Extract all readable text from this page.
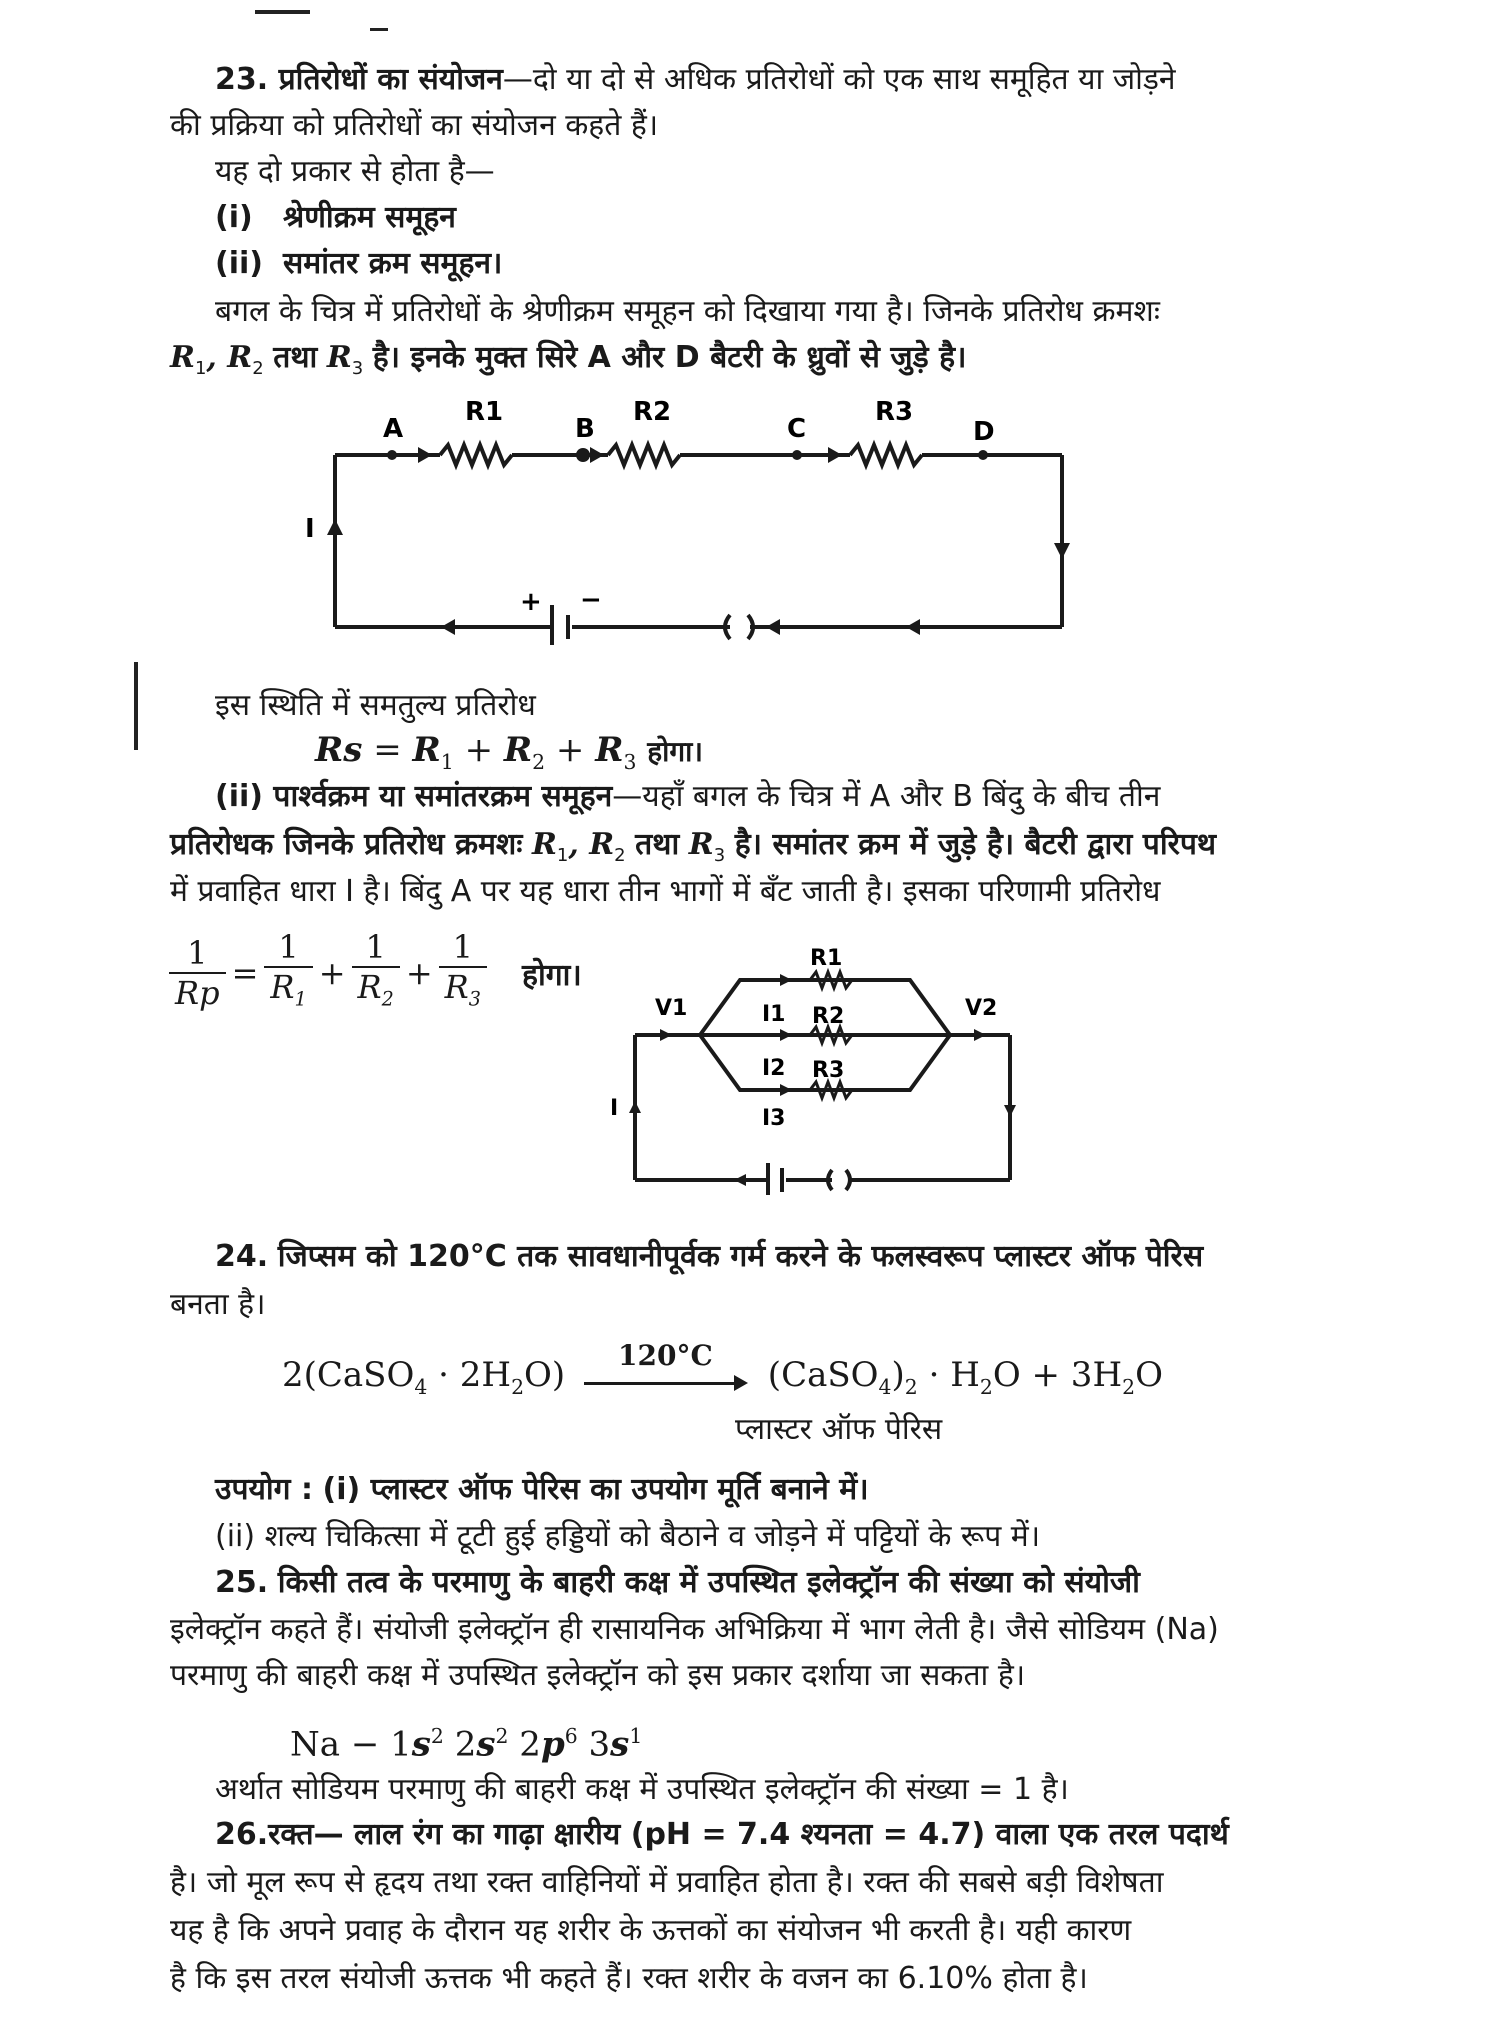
23. प्रतिरोधों का संयोजन—दो या दो से अधिक प्रतिरोधों को एक साथ समूहित या जोड़ने
की प्रक्रिया को प्रतिरोधों का संयोजन कहते हैं।
यह दो प्रकार से होता है—
(i) श्रेणीक्रम समूहन
(ii) समांतर क्रम समूहन।
बगल के चित्र में प्रतिरोधों के श्रेणीक्रम समूहन को दिखाया गया है। जिनके प्रतिरोध क्रमशः
$R_1$, $R_2$ तथा $R_3$ है। इनके मुक्त सिरे A और D बैटरी के ध्रुवों से जुड़े है।
A	B	C	D
R1	R2	R3
I
+ −
इस स्थिति में समतुल्य प्रतिरोध
$Rs = R_1 + R_2 + R_3$ होगा।
(ii) पार्श्वक्रम या समांतरक्रम समूहन—यहाँ बगल के चित्र में A और B बिंदु के बीच तीन
प्रतिरोधक जिनके प्रतिरोध क्रमशः $R_1$, $R_2$ तथा $R_3$ है। समांतर क्रम में जुड़े है। बैटरी द्वारा परिपथ
में प्रवाहित धारा I है। बिंदु A पर यह धारा तीन भागों में बँट जाती है। इसका परिणामी प्रतिरोध
$\frac{1}{Rp} = \frac{1}{R_1} + \frac{1}{R_2} + \frac{1}{R_3}$ होगा।	R1
R2
R3
I1
I2
I3
V1	V2
I
24. जिप्सम को 120°C तक सावधानीपूर्वक गर्म करने के फलस्वरूप प्लास्टर ऑफ पेरिस
बनता है।
2(CaSO$_4$ · $2H_2O$) 120°C $(CaSO_4)_2 \cdot H_2O + 3H_2O$
प्लास्टर ऑफ पेरिस
उपयोग : (i) प्लास्टर ऑफ पेरिस का उपयोग मूर्ति बनाने में।
(ii) शल्य चिकित्सा में टूटी हुई हड्डियों को बैठाने व जोड़ने में पट्टियों के रूप में।
25. किसी तत्व के परमाणु के बाहरी कक्ष में उपस्थित इलेक्ट्रॉन की संख्या को संयोजी
इलेक्ट्रॉन कहते हैं। संयोजी इलेक्ट्रॉन ही रासायनिक अभिक्रिया में भाग लेती है। जैसे सोडियम (Na)
परमाणु की बाहरी कक्ष में उपस्थित इलेक्ट्रॉन को इस प्रकार दर्शाया जा सकता है।
$Na - 1s^2$ $2s^2$ $2p^6$ $3s^1$
अर्थात सोडियम परमाणु की बाहरी कक्ष में उपस्थित इलेक्ट्रॉन की संख्या = 1 है।
26.रक्त— लाल रंग का गाढ़ा क्षारीय (pH = 7.4 श्यनता = 4.7) वाला एक तरल पदार्थ
है। जो मूल रूप से हृदय तथा रक्त वाहिनियों में प्रवाहित होता है। रक्त की सबसे बड़ी विशेषता
यह है कि अपने प्रवाह के दौरान यह शरीर के ऊत्तकों का संयोजन भी करती है। यही कारण
है कि इस तरल संयोजी ऊत्तक भी कहते हैं। रक्त शरीर के वजन का 6.10% होता है।
